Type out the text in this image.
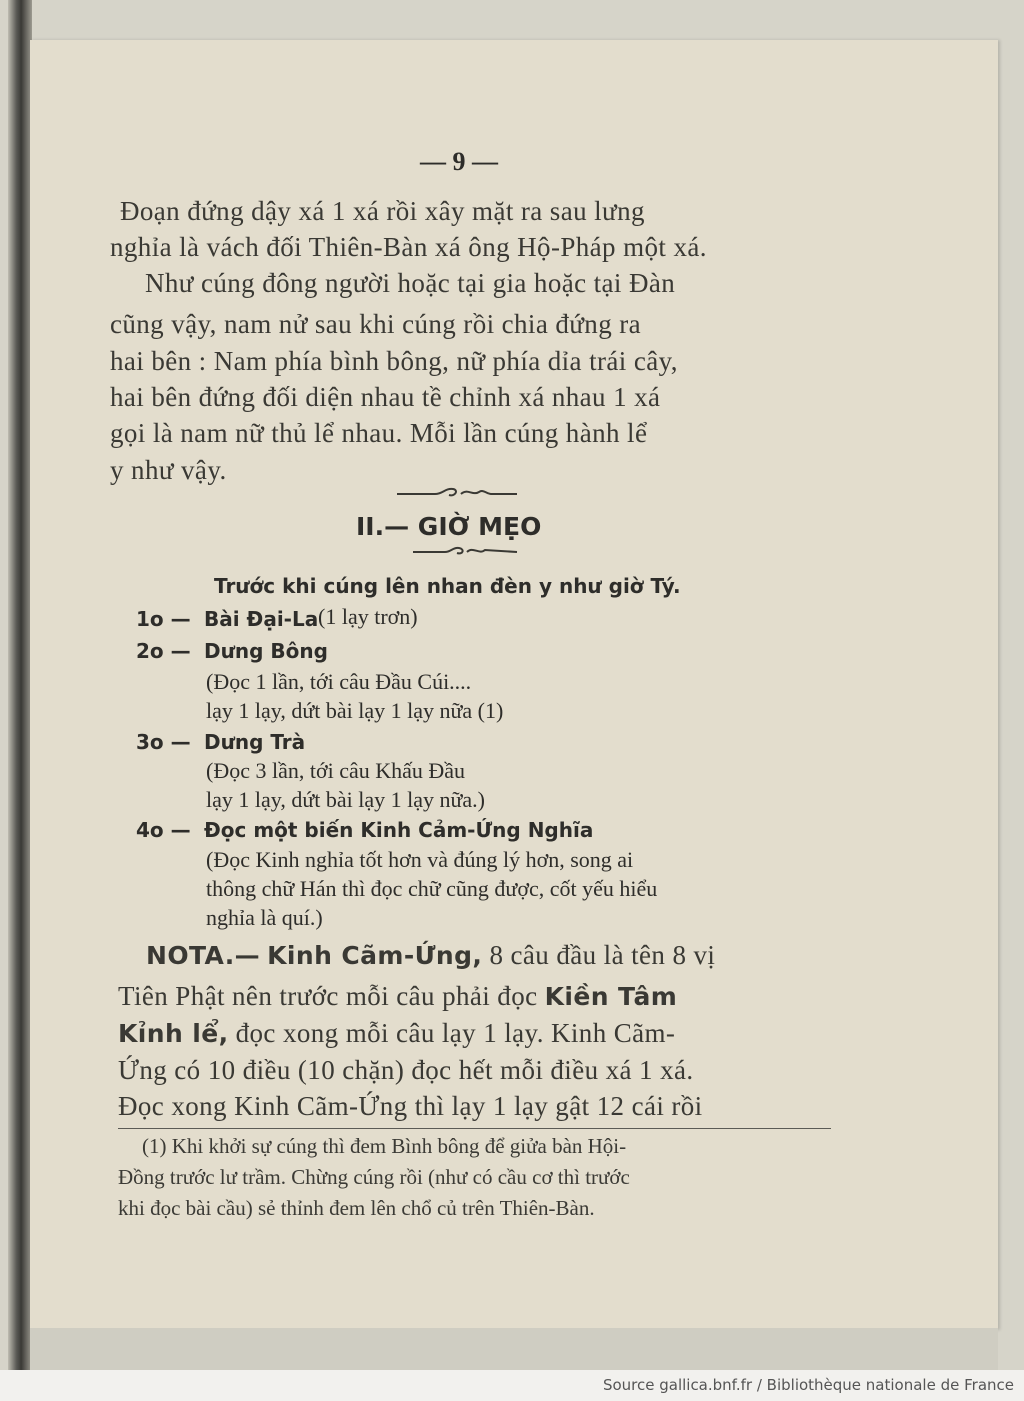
— 9 —
Đoạn đứng dậy xá 1 xá rồi xây mặt ra sau lưng
nghỉa là vách đối Thiên-Bàn xá ông Hộ-Pháp một xá.
Như cúng đông người hoặc tại gia hoặc tại Đàn
cũng vậy, nam nử sau khi cúng rồi chia đứng ra
hai bên : Nam phía bình bông, nữ phía dỉa trái cây,
hai bên đứng đối diện nhau tề chỉnh xá nhau 1 xá
gọi là nam nữ thủ lể nhau. Mỗi lần cúng hành lể
y như vậy.
II.— GIỜ MẸO
Trước khi cúng lên nhan đèn y như giờ Tý.
1o — Bài Đại-La (1 lạy trơn)
2o — Dưng Bông
(Đọc 1 lần, tới câu Đầu Cúi....
lạy 1 lạy, dứt bài lạy 1 lạy nữa (1)
3o — Dưng Trà
(Đọc 3 lần, tới câu Khấu Đầu
lạy 1 lạy, dứt bài lạy 1 lạy nữa.)
4o — Đọc một biến Kinh Cảm-Ứng Nghĩa
(Đọc Kinh nghỉa tốt hơn và đúng lý hơn, song ai
thông chữ Hán thì đọc chữ cũng được, cốt yếu hiểu
nghỉa là quí.)
NOTA.— Kinh Cãm-Ứng, 8 câu đầu là tên 8 vị
Tiên Phật nên trước mỗi câu phải đọc Kiền Tâm
Kỉnh lể, đọc xong mỗi câu lạy 1 lạy. Kinh Cãm-
Ứng có 10 điều (10 chặn) đọc hết mỗi điều xá 1 xá.
Đọc xong Kinh Cãm-Ứng thì lạy 1 lạy gật 12 cái rồi
(1) Khi khởi sự cúng thì đem Bình bông để giửa bàn Hội-
Đồng trước lư trầm. Chừng cúng rồi (như có cầu cơ thì trước
khi đọc bài cầu) sẻ thỉnh đem lên chổ củ trên Thiên-Bàn.
Source gallica.bnf.fr / Bibliothèque nationale de France
